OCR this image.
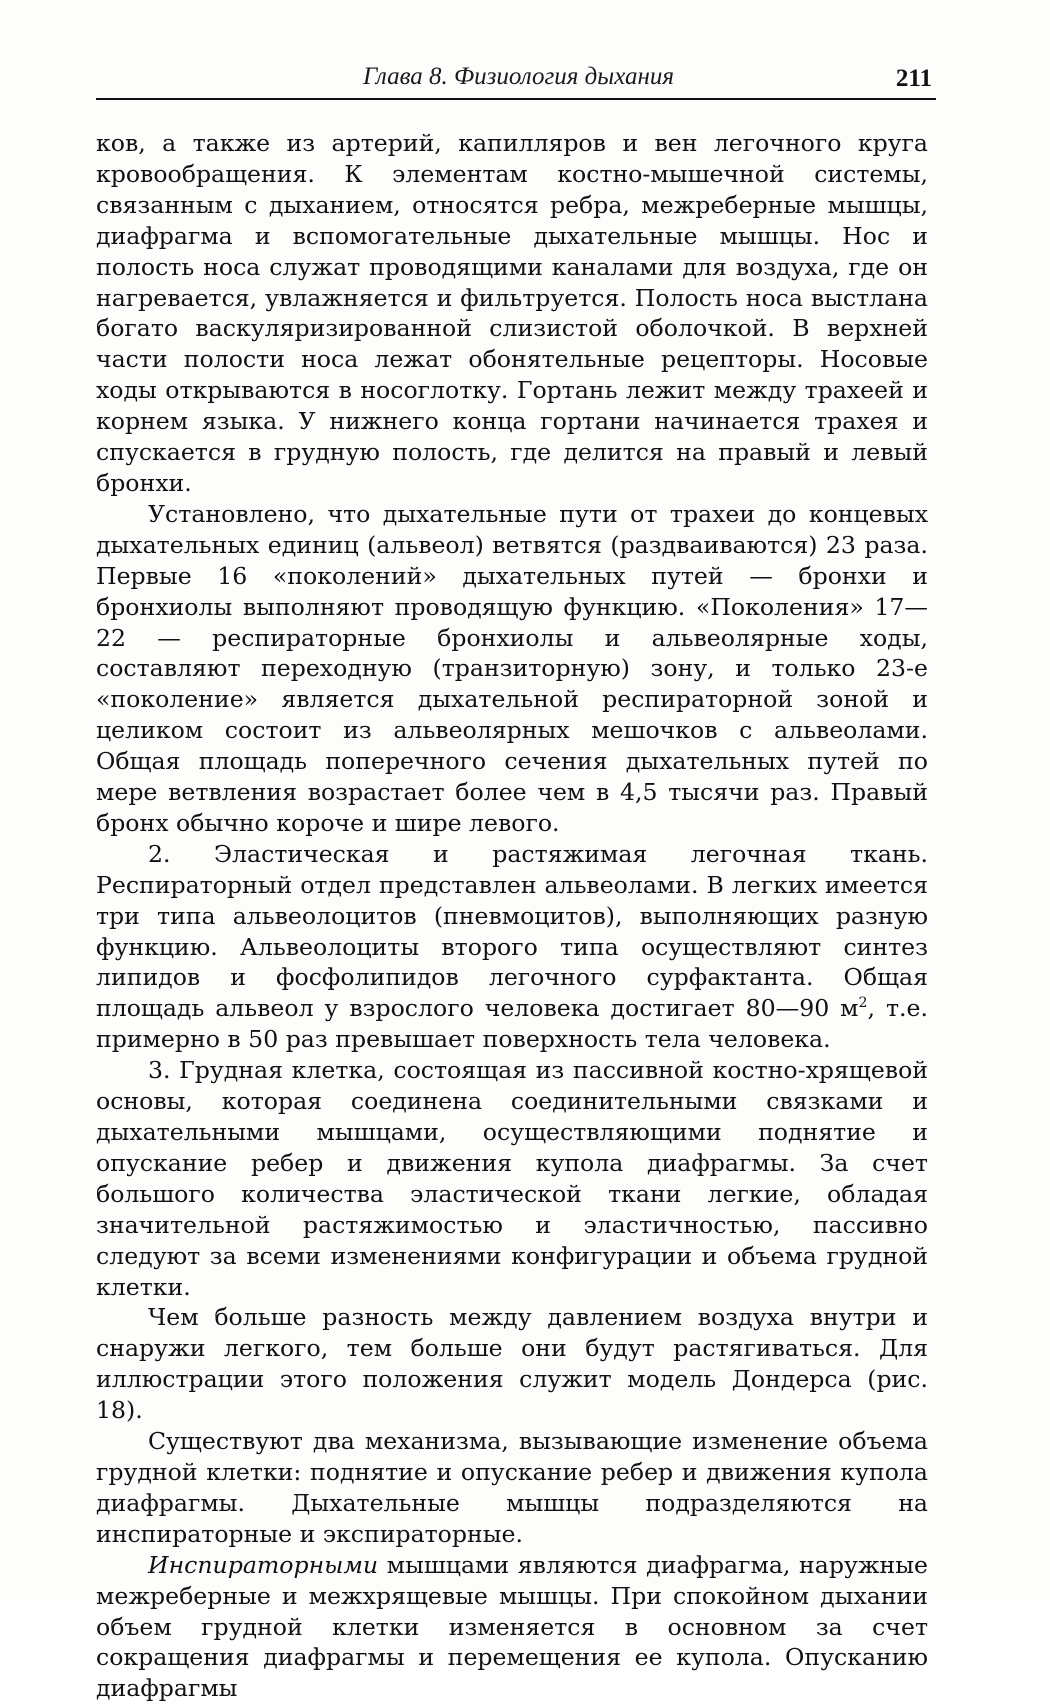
Глава 8. Физиология дыхания	211

ков, а также из артерий, капилляров и вен легочного круга кровообращения. К элементам костно-мышечной системы, связанным с дыханием, относятся ребра, межреберные мышцы, диафрагма и вспомогательные дыхательные мышцы. Нос и полость носа служат проводящими каналами для воздуха, где он нагревается, увлажняется и фильтруется. Полость носа выстлана богато васкуляризированной слизистой оболочкой. В верхней части полости носа лежат обонятельные рецепторы. Носовые ходы открываются в носоглотку. Гортань лежит между трахеей и корнем языка. У нижнего конца гортани начинается трахея и спускается в грудную полость, где делится на правый и левый бронхи.

Установлено, что дыхательные пути от трахеи до концевых дыхательных единиц (альвеол) ветвятся (раздваиваются) 23 раза. Первые 16 «поколений» дыхательных путей — бронхи и бронхиолы выполняют проводящую функцию. «Поколения» 17—22 — респираторные бронхиолы и альвеолярные ходы, составляют переходную (транзиторную) зону, и только 23-е «поколение» является дыхательной респираторной зоной и целиком состоит из альвеолярных мешочков с альвеолами. Общая площадь поперечного сечения дыхательных путей по мере ветвления возрастает более чем в 4,5 тысячи раз. Правый бронх обычно короче и шире левого.

2. Эластическая и растяжимая легочная ткань. Респираторный отдел представлен альвеолами. В легких имеется три типа альвеолоцитов (пневмоцитов), выполняющих разную функцию. Альвеолоциты второго типа осуществляют синтез липидов и фосфолипидов легочного сурфактанта. Общая площадь альвеол у взрослого человека достигает 80—90 $м^2$, т.е. примерно в 50 раз превышает поверхность тела человека.

3. Грудная клетка, состоящая из пассивной костно-хрящевой основы, которая соединена соединительными связками и дыхательными мышцами, осуществляющими поднятие и опускание ребер и движения купола диафрагмы. За счет большого количества эластической ткани легкие, обладая значительной растяжимостью и эластичностью, пассивно следуют за всеми изменениями конфигурации и объема грудной клетки.

Чем больше разность между давлением воздуха внутри и снаружи легкого, тем больше они будут растягиваться. Для иллюстрации этого положения служит модель Дондерса (рис. 18).

Существуют два механизма, вызывающие изменение объема грудной клетки: поднятие и опускание ребер и движения купола диафрагмы. Дыхательные мышцы подразделяются на инспираторные и экспираторные.

Инспираторными мышцами являются диафрагма, наружные межреберные и межхрящевые мышцы. При спокойном дыхании объем грудной клетки изменяется в основном за счет сокращения диафрагмы и перемещения ее купола. Опусканию диафрагмы
